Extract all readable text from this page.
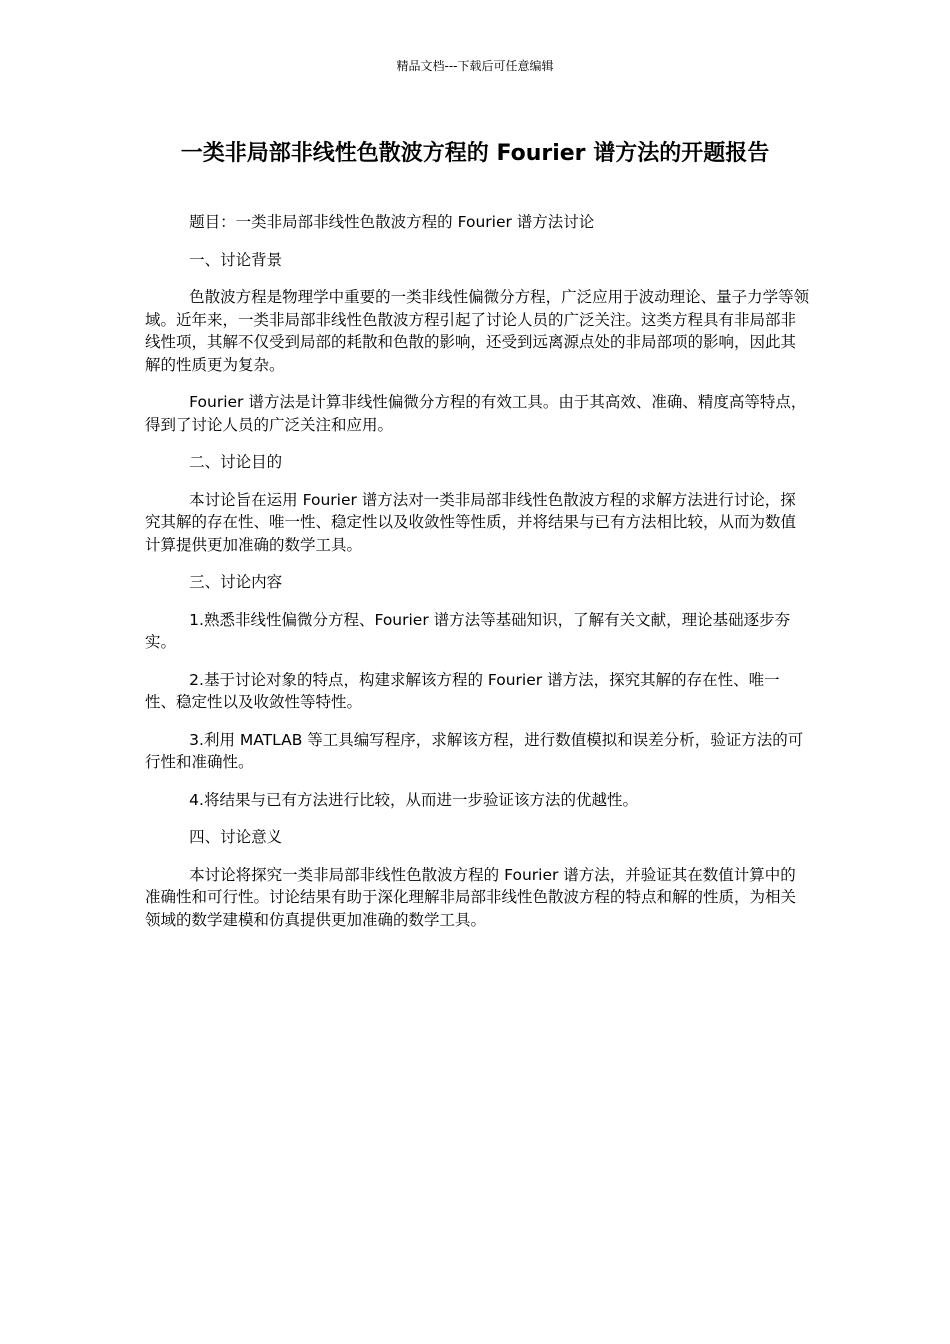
精品文档---下载后可任意编辑
一类非局部非线性色散波方程的 Fourier 谱方法的开题报告

题目：一类非局部非线性色散波方程的 Fourier 谱方法讨论

一、讨论背景

色散波方程是物理学中重要的一类非线性偏微分方程，广泛应用于波动理论、量子力学等领域。近年来，一类非局部非线性色散波方程引起了讨论人员的广泛关注。这类方程具有非局部非线性项，其解不仅受到局部的耗散和色散的影响，还受到远离源点处的非局部项的影响，因此其解的性质更为复杂。

Fourier 谱方法是计算非线性偏微分方程的有效工具。由于其高效、准确、精度高等特点，得到了讨论人员的广泛关注和应用。

二、讨论目的

本讨论旨在运用 Fourier 谱方法对一类非局部非线性色散波方程的求解方法进行讨论，探究其解的存在性、唯一性、稳定性以及收敛性等性质，并将结果与已有方法相比较，从而为数值计算提供更加准确的数学工具。

三、讨论内容

1.熟悉非线性偏微分方程、Fourier 谱方法等基础知识，了解有关文献，理论基础逐步夯实。

2.基于讨论对象的特点，构建求解该方程的 Fourier 谱方法，探究其解的存在性、唯一性、稳定性以及收敛性等特性。

3.利用 MATLAB 等工具编写程序，求解该方程，进行数值模拟和误差分析，验证方法的可行性和准确性。

4.将结果与已有方法进行比较，从而进一步验证该方法的优越性。

四、讨论意义

本讨论将探究一类非局部非线性色散波方程的 Fourier 谱方法，并验证其在数值计算中的准确性和可行性。讨论结果有助于深化理解非局部非线性色散波方程的特点和解的性质，为相关领域的数学建模和仿真提供更加准确的数学工具。
